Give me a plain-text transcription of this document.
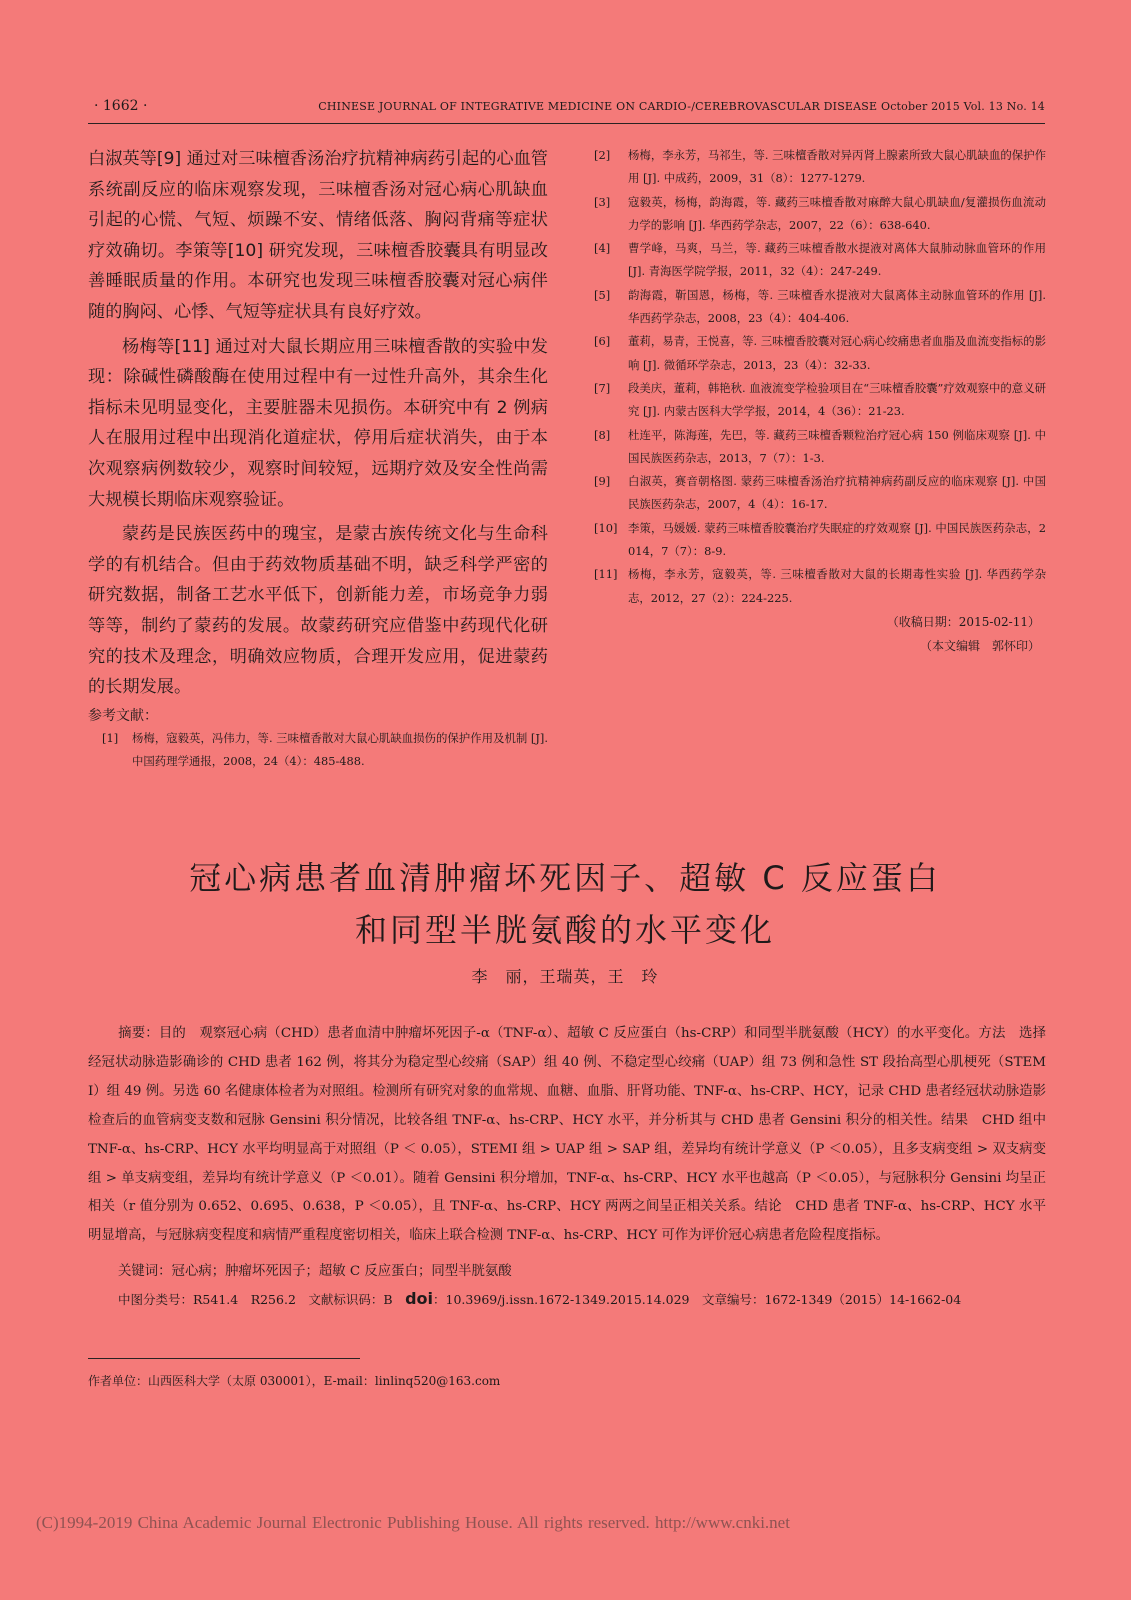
· 1662 ·	CHINESE JOURNAL OF INTEGRATIVE MEDICINE ON CARDIO-/CEREBROVASCULAR DISEASE October 2015 Vol. 13 No. 14

白淑英等[9] 通过对三味檀香汤治疗抗精神病药引起的心血管系统副反应的临床观察发现，三味檀香汤对冠心病心肌缺血引起的心慌、气短、烦躁不安、情绪低落、胸闷背痛等症状疗效确切。李策等[10] 研究发现，三味檀香胶囊具有明显改善睡眠质量的作用。本研究也发现三味檀香胶囊对冠心病伴随的胸闷、心悸、气短等症状具有良好疗效。

杨梅等[11] 通过对大鼠长期应用三味檀香散的实验中发现：除碱性磷酸酶在使用过程中有一过性升高外，其余生化指标未见明显变化，主要脏器未见损伤。本研究中有 2 例病人在服用过程中出现消化道症状，停用后症状消失，由于本次观察病例数较少，观察时间较短，远期疗效及安全性尚需大规模长期临床观察验证。

蒙药是民族医药中的瑰宝，是蒙古族传统文化与生命科学的有机结合。但由于药效物质基础不明，缺乏科学严密的研究数据，制备工艺水平低下，创新能力差，市场竞争力弱等等，制约了蒙药的发展。故蒙药研究应借鉴中药现代化研究的技术及理念，明确效应物质，合理开发应用，促进蒙药的长期发展。

参考文献：
[1]	杨梅，寇毅英，冯伟力，等. 三味檀香散对大鼠心肌缺血损伤的保护作用及机制 [J]. 中国药理学通报，2008，24（4）：485-488.
[2]	杨梅，李永芳，马祁生，等. 三味檀香散对异丙肾上腺素所致大鼠心肌缺血的保护作用 [J]. 中成药，2009，31（8）：1277-1279.
[3]	寇毅英，杨梅，韵海霞，等. 藏药三味檀香散对麻醉大鼠心肌缺血/复灌损伤血流动力学的影响 [J]. 华西药学杂志，2007，22（6）：638-640.
[4]	曹学峰，马爽，马兰，等. 藏药三味檀香散水提液对离体大鼠肺动脉血管环的作用 [J]. 青海医学院学报，2011，32（4）：247-249.
[5]	韵海霞，靳国恩，杨梅，等. 三味檀香水提液对大鼠离体主动脉血管环的作用 [J]. 华西药学杂志，2008，23（4）：404-406.
[6]	董莉，易青，王悦喜，等. 三味檀香胶囊对冠心病心绞痛患者血脂及血流变指标的影响 [J]. 微循环学杂志，2013，23（4）：32-33.
[7]	段美庆，董莉，韩艳秋. 血液流变学检验项目在“三味檀香胶囊”疗效观察中的意义研究 [J]. 内蒙古医科大学学报，2014，4（36）：21-23.
[8]	杜连平，陈海莲，先巴，等. 藏药三味檀香颗粒治疗冠心病 150 例临床观察 [J]. 中国民族医药杂志，2013，7（7）：1-3.
[9]	白淑英，赛音朝格图. 蒙药三味檀香汤治疗抗精神病药副反应的临床观察 [J]. 中国民族医药杂志，2007，4（4）：16-17.
[10] 李策，马媛媛. 蒙药三味檀香胶囊治疗失眠症的疗效观察 [J]. 中国民族医药杂志，2014，7（7）：8-9.
[11] 杨梅，李永芳，寇毅英，等. 三味檀香散对大鼠的长期毒性实验 [J]. 华西药学杂志，2012，27（2）：224-225.
（收稿日期：2015-02-11）
（本文编辑　郭怀印）
冠心病患者血清肿瘤坏死因子、超敏 C 反应蛋白
和同型半胱氨酸的水平变化
李　丽，王瑞英，王　玲
摘要：目的　观察冠心病（CHD）患者血清中肿瘤坏死因子-α（TNF-α）、超敏 C 反应蛋白（hs-CRP）和同型半胱氨酸（HCY）的水平变化。方法　选择经冠状动脉造影确诊的 CHD 患者 162 例，将其分为稳定型心绞痛（SAP）组 40 例、不稳定型心绞痛（UAP）组 73 例和急性 ST 段抬高型心肌梗死（STEMI）组 49 例。另选 60 名健康体检者为对照组。检测所有研究对象的血常规、血糖、血脂、肝肾功能、TNF-α、hs-CRP、HCY，记录 CHD 患者经冠状动脉造影检查后的血管病变支数和冠脉 Gensini 积分情况，比较各组 TNF-α、hs-CRP、HCY 水平，并分析其与 CHD 患者 Gensini 积分的相关性。结果　CHD 组中 TNF-α、hs-CRP、HCY 水平均明显高于对照组（P ＜ 0.05），STEMI 组 > UAP 组 > SAP 组，差异均有统计学意义（P ＜0.05），且多支病变组 > 双支病变组 > 单支病变组，差异均有统计学意义（P ＜0.01）。随着 Gensini 积分增加，TNF-α、hs-CRP、HCY 水平也越高（P ＜0.05），与冠脉积分 Gensini 均呈正相关（r 值分别为 0.652、0.695、0.638，P ＜0.05），且 TNF-α、hs-CRP、HCY 两两之间呈正相关关系。结论　CHD 患者 TNF-α、hs-CRP、HCY 水平明显增高，与冠脉病变程度和病情严重程度密切相关，临床上联合检测 TNF-α、hs-CRP、HCY 可作为评价冠心病患者危险程度指标。
关键词：冠心病；肿瘤坏死因子；超敏 C 反应蛋白；同型半胱氨酸
中图分类号：R541.4　R256.2　文献标识码：B　doi：10.3969/j.issn.1672-1349.2015.14.029　文章编号：1672-1349（2015）14-1662-04
作者单位：山西医科大学（太原 030001），E-mail：linlinq520@163.com
(C)1994-2019 China Academic Journal Electronic Publishing House. All rights reserved. http://www.cnki.net
